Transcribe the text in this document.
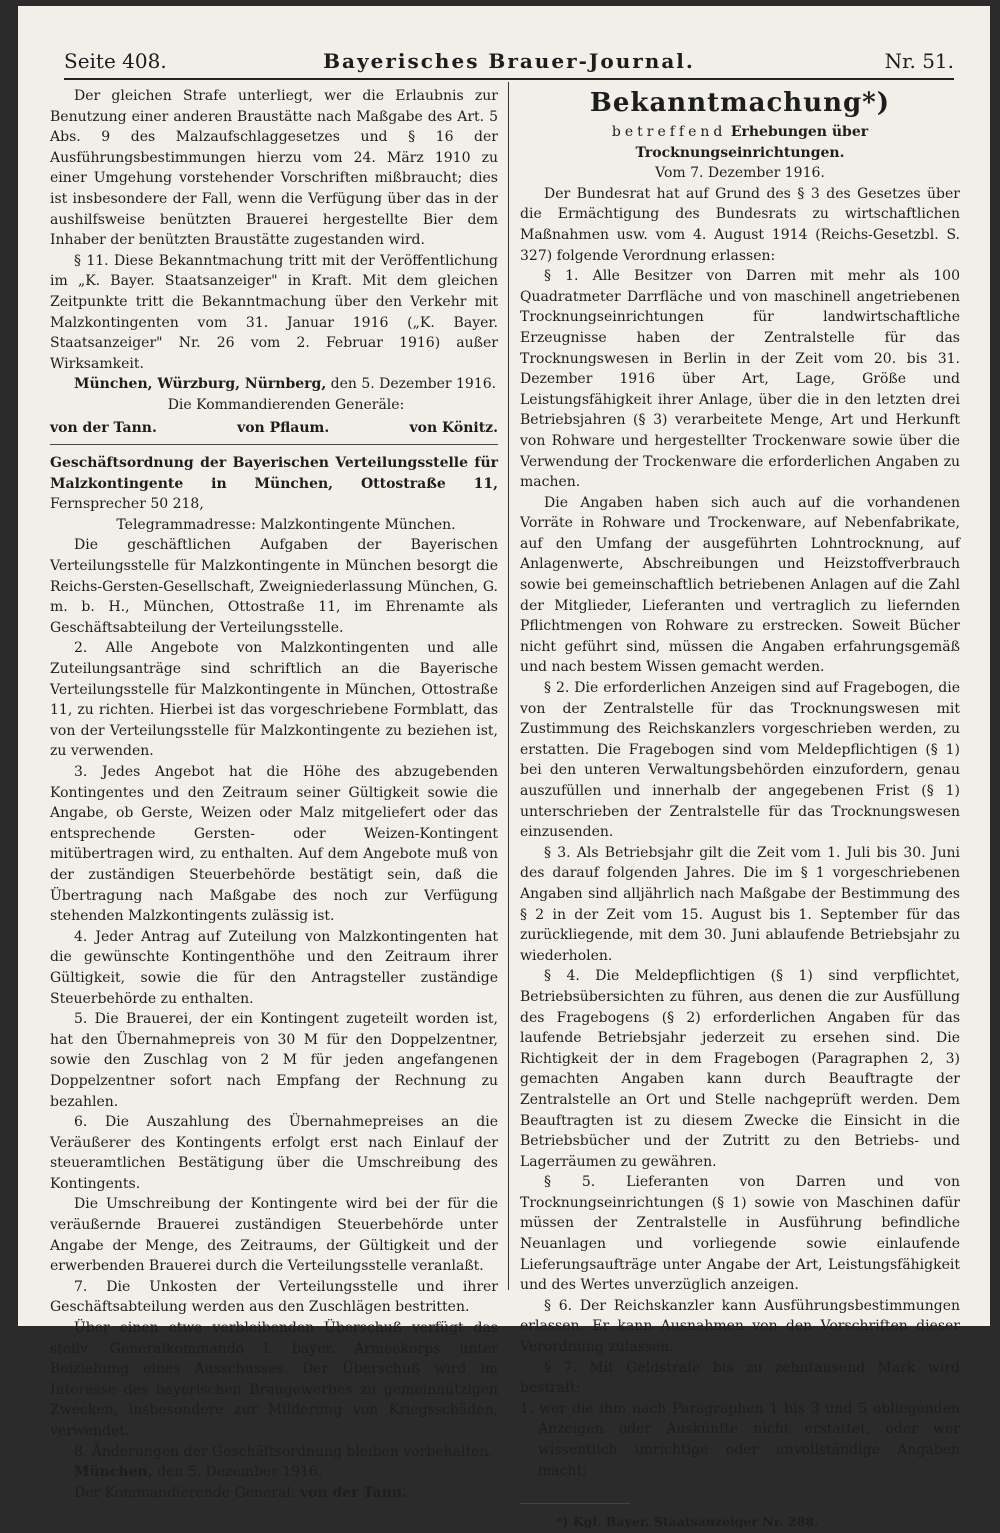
Seite 408.	Bayerisches Brauer-Journal.	Nr. 51.

Der gleichen Strafe unterliegt, wer die Erlaubnis zur Benutzung einer anderen Braustätte nach Maßgabe des Art. 5 Abs. 9 des Malzaufschlaggesetzes und § 16 der Ausführungsbestimmungen hierzu vom 24. März 1910 zu einer Umgehung vorstehender Vorschriften mißbraucht; dies ist insbesondere der Fall, wenn die Verfügung über das in der aushilfsweise benützten Brauerei hergestellte Bier dem Inhaber der benützten Braustätte zugestanden wird.

§ 11. Diese Bekanntmachung tritt mit der Veröffentlichung im „K. Bayer. Staatsanzeiger" in Kraft. Mit dem gleichen Zeitpunkte tritt die Bekanntmachung über den Verkehr mit Malzkontingenten vom 31. Januar 1916 („K. Bayer. Staatsanzeiger" Nr. 26 vom 2. Februar 1916) außer Wirksamkeit.

München, Würzburg, Nürnberg, den 5. Dezember 1916.

Die Kommandierenden Generäle:

von der Tann.	von Pflaum.	von Könitz.

Geschäftsordnung der Bayerischen Verteilungsstelle für Malzkontingente in München, Ottostraße 11, Fernsprecher 50 218,

Telegrammadresse: Malzkontingente München.

Die geschäftlichen Aufgaben der Bayerischen Verteilungsstelle für Malzkontingente in München besorgt die Reichs-Gersten-Gesellschaft, Zweigniederlassung München, G. m. b. H., München, Ottostraße 11, im Ehrenamte als Geschäftsabteilung der Verteilungsstelle.

2. Alle Angebote von Malzkontingenten und alle Zuteilungsanträge sind schriftlich an die Bayerische Verteilungsstelle für Malzkontingente in München, Ottostraße 11, zu richten. Hierbei ist das vorgeschriebene Formblatt, das von der Verteilungsstelle für Malzkontingente zu beziehen ist, zu verwenden.

3. Jedes Angebot hat die Höhe des abzugebenden Kontingentes und den Zeitraum seiner Gültigkeit sowie die Angabe, ob Gerste, Weizen oder Malz mitgeliefert oder das entsprechende Gersten- oder Weizen-Kontingent mitübertragen wird, zu enthalten. Auf dem Angebote muß von der zuständigen Steuerbehörde bestätigt sein, daß die Übertragung nach Maßgabe des noch zur Verfügung stehenden Malzkontingents zulässig ist.

4. Jeder Antrag auf Zuteilung von Malzkontingenten hat die gewünschte Kontingenthöhe und den Zeitraum ihrer Gültigkeit, sowie die für den Antragsteller zuständige Steuerbehörde zu enthalten.

5. Die Brauerei, der ein Kontingent zugeteilt worden ist, hat den Übernahmepreis von 30 M für den Doppelzentner, sowie den Zuschlag von 2 M für jeden angefangenen Doppelzentner sofort nach Empfang der Rechnung zu bezahlen.

6. Die Auszahlung des Übernahmepreises an die Veräußerer des Kontingents erfolgt erst nach Einlauf der steueramtlichen Bestätigung über die Umschreibung des Kontingents.

Die Umschreibung der Kontingente wird bei der für die veräußernde Brauerei zuständigen Steuerbehörde unter Angabe der Menge, des Zeitraums, der Gültigkeit und der erwerbenden Brauerei durch die Verteilungsstelle veranlaßt.

7. Die Unkosten der Verteilungsstelle und ihrer Geschäftsabteilung werden aus den Zuschlägen bestritten.

Über einen etwa verbleibenden Überschuß verfügt das stellv. Generalkommando I. bayer. Armeekorps unter Beiziehung eines Ausschusses. Der Überschuß wird im Interesse des bayerischen Braugewerbes zu gemeinnützigen Zwecken, insbesondere zur Milderung von Kriegsschäden, verwendet.

8. Änderungen der Geschäftsordnung bleiben vorbehalten.

München, den 5. Dezember 1916.

Der Kommandierende General: von der Tann.

Bekanntmachung*)
betreffend Erhebungen über Trocknungseinrichtungen.
Vom 7. Dezember 1916.

Der Bundesrat hat auf Grund des § 3 des Gesetzes über die Ermächtigung des Bundesrats zu wirtschaftlichen Maßnahmen usw. vom 4. August 1914 (Reichs-Gesetzbl. S. 327) folgende Verordnung erlassen:

§ 1. Alle Besitzer von Darren mit mehr als 100 Quadratmeter Darrfläche und von maschinell angetriebenen Trocknungseinrichtungen für landwirtschaftliche Erzeugnisse haben der Zentralstelle für das Trocknungswesen in Berlin in der Zeit vom 20. bis 31. Dezember 1916 über Art, Lage, Größe und Leistungsfähigkeit ihrer Anlage, über die in den letzten drei Betriebsjahren (§ 3) verarbeitete Menge, Art und Herkunft von Rohware und hergestellter Trockenware sowie über die Verwendung der Trockenware die erforderlichen Angaben zu machen.

Die Angaben haben sich auch auf die vorhandenen Vorräte in Rohware und Trockenware, auf Nebenfabrikate, auf den Umfang der ausgeführten Lohntrocknung, auf Anlagenwerte, Abschreibungen und Heizstoffverbrauch sowie bei gemeinschaftlich betriebenen Anlagen auf die Zahl der Mitglieder, Lieferanten und vertraglich zu liefernden Pflichtmengen von Rohware zu erstrecken. Soweit Bücher nicht geführt sind, müssen die Angaben erfahrungsgemäß und nach bestem Wissen gemacht werden.

§ 2. Die erforderlichen Anzeigen sind auf Fragebogen, die von der Zentralstelle für das Trocknungswesen mit Zustimmung des Reichskanzlers vorgeschrieben werden, zu erstatten. Die Fragebogen sind vom Meldepflichtigen (§ 1) bei den unteren Verwaltungsbehörden einzufordern, genau auszufüllen und innerhalb der angegebenen Frist (§ 1) unterschrieben der Zentralstelle für das Trocknungswesen einzusenden.

§ 3. Als Betriebsjahr gilt die Zeit vom 1. Juli bis 30. Juni des darauf folgenden Jahres. Die im § 1 vorgeschriebenen Angaben sind alljährlich nach Maßgabe der Bestimmung des § 2 in der Zeit vom 15. August bis 1. September für das zurückliegende, mit dem 30. Juni ablaufende Betriebsjahr zu wiederholen.

§ 4. Die Meldepflichtigen (§ 1) sind verpflichtet, Betriebsübersichten zu führen, aus denen die zur Ausfüllung des Fragebogens (§ 2) erforderlichen Angaben für das laufende Betriebsjahr jederzeit zu ersehen sind. Die Richtigkeit der in dem Fragebogen (Paragraphen 2, 3) gemachten Angaben kann durch Beauftragte der Zentralstelle an Ort und Stelle nachgeprüft werden. Dem Beauftragten ist zu diesem Zwecke die Einsicht in die Betriebsbücher und der Zutritt zu den Betriebs- und Lagerräumen zu gewähren.

§ 5. Lieferanten von Darren und von Trocknungseinrichtungen (§ 1) sowie von Maschinen dafür müssen der Zentralstelle in Ausführung befindliche Neuanlagen und vorliegende sowie einlaufende Lieferungsaufträge unter Angabe der Art, Leistungsfähigkeit und des Wertes unverzüglich anzeigen.

§ 6. Der Reichskanzler kann Ausführungsbestimmungen erlassen. Er kann Ausnahmen von den Vorschriften dieser Verordnung zulassen.

§ 7. Mit Geldstrafe bis zu zehntausend Mark wird bestraft:

1. wer die ihm nach Paragraphen 1 bis 3 und 5 obliegenden Anzeigen oder Auskünfte nicht erstattet, oder wer wissentlich unrichtige oder unvollständige Angaben macht;

*) Kgl. Bayer. Staatsanzeiger Nr. 288.
